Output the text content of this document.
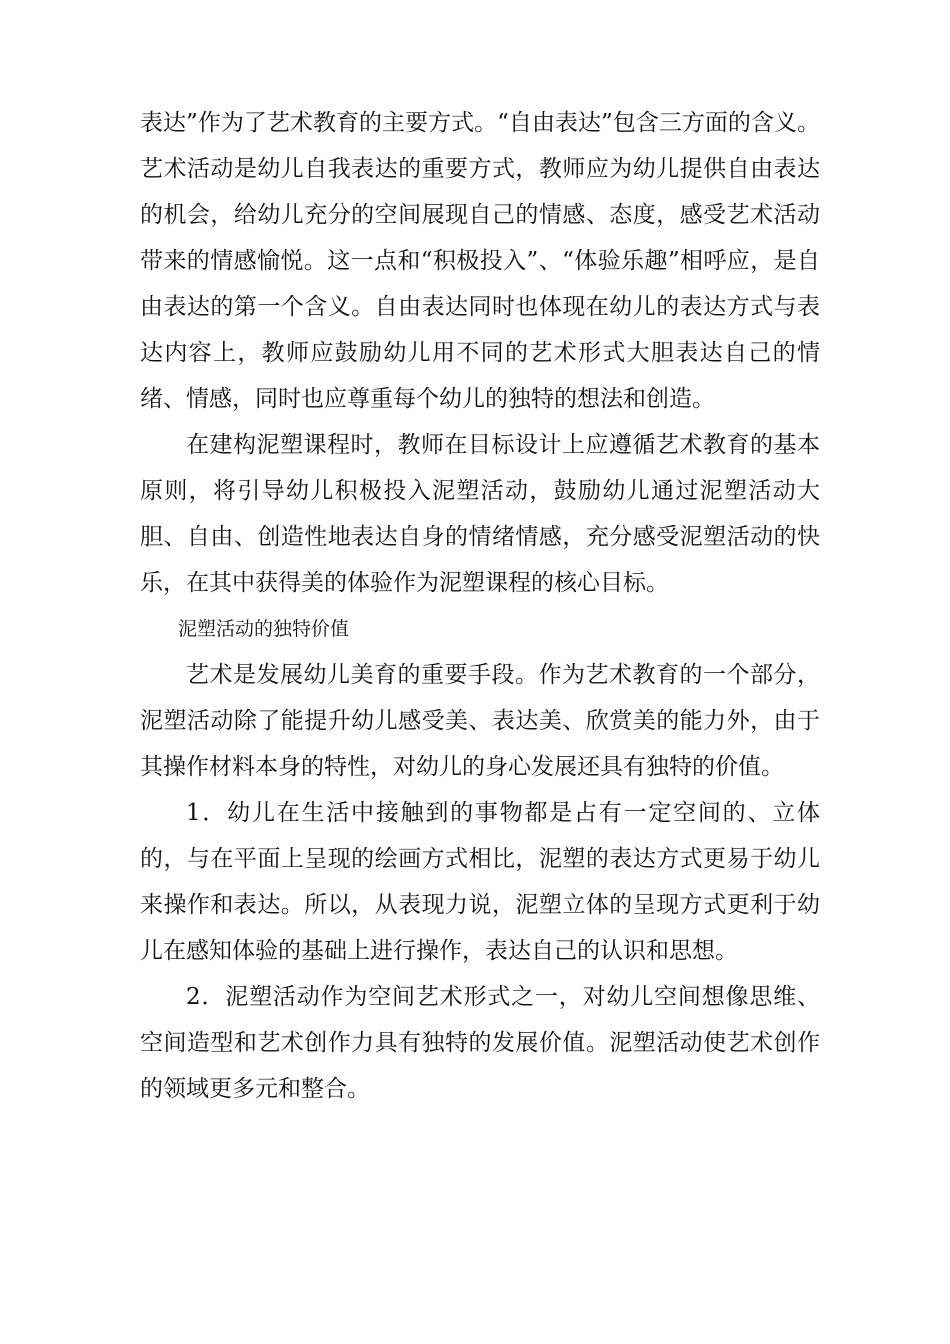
表达”作为了艺术教育的主要方式。“自由表达”包含三方面的含义。艺术活动是幼儿自我表达的重要方式，教师应为幼儿提供自由表达的机会，给幼儿充分的空间展现自己的情感、态度，感受艺术活动带来的情感愉悦。这一点和“积极投入”、“体验乐趣”相呼应，是自由表达的第一个含义。自由表达同时也体现在幼儿的表达方式与表达内容上，教师应鼓励幼儿用不同的艺术形式大胆表达自己的情绪、情感，同时也应尊重每个幼儿的独特的想法和创造。

在建构泥塑课程时，教师在目标设计上应遵循艺术教育的基本原则，将引导幼儿积极投入泥塑活动，鼓励幼儿通过泥塑活动大胆、自由、创造性地表达自身的情绪情感，充分感受泥塑活动的快乐，在其中获得美的体验作为泥塑课程的核心目标。

泥塑活动的独特价值

艺术是发展幼儿美育的重要手段。作为艺术教育的一个部分，泥塑活动除了能提升幼儿感受美、表达美、欣赏美的能力外，由于其操作材料本身的特性，对幼儿的身心发展还具有独特的价值。

1．幼儿在生活中接触到的事物都是占有一定空间的、立体的，与在平面上呈现的绘画方式相比，泥塑的表达方式更易于幼儿来操作和表达。所以，从表现力说，泥塑立体的呈现方式更利于幼儿在感知体验的基础上进行操作，表达自己的认识和思想。

2．泥塑活动作为空间艺术形式之一，对幼儿空间想像思维、空间造型和艺术创作力具有独特的发展价值。泥塑活动使艺术创作的领域更多元和整合。
